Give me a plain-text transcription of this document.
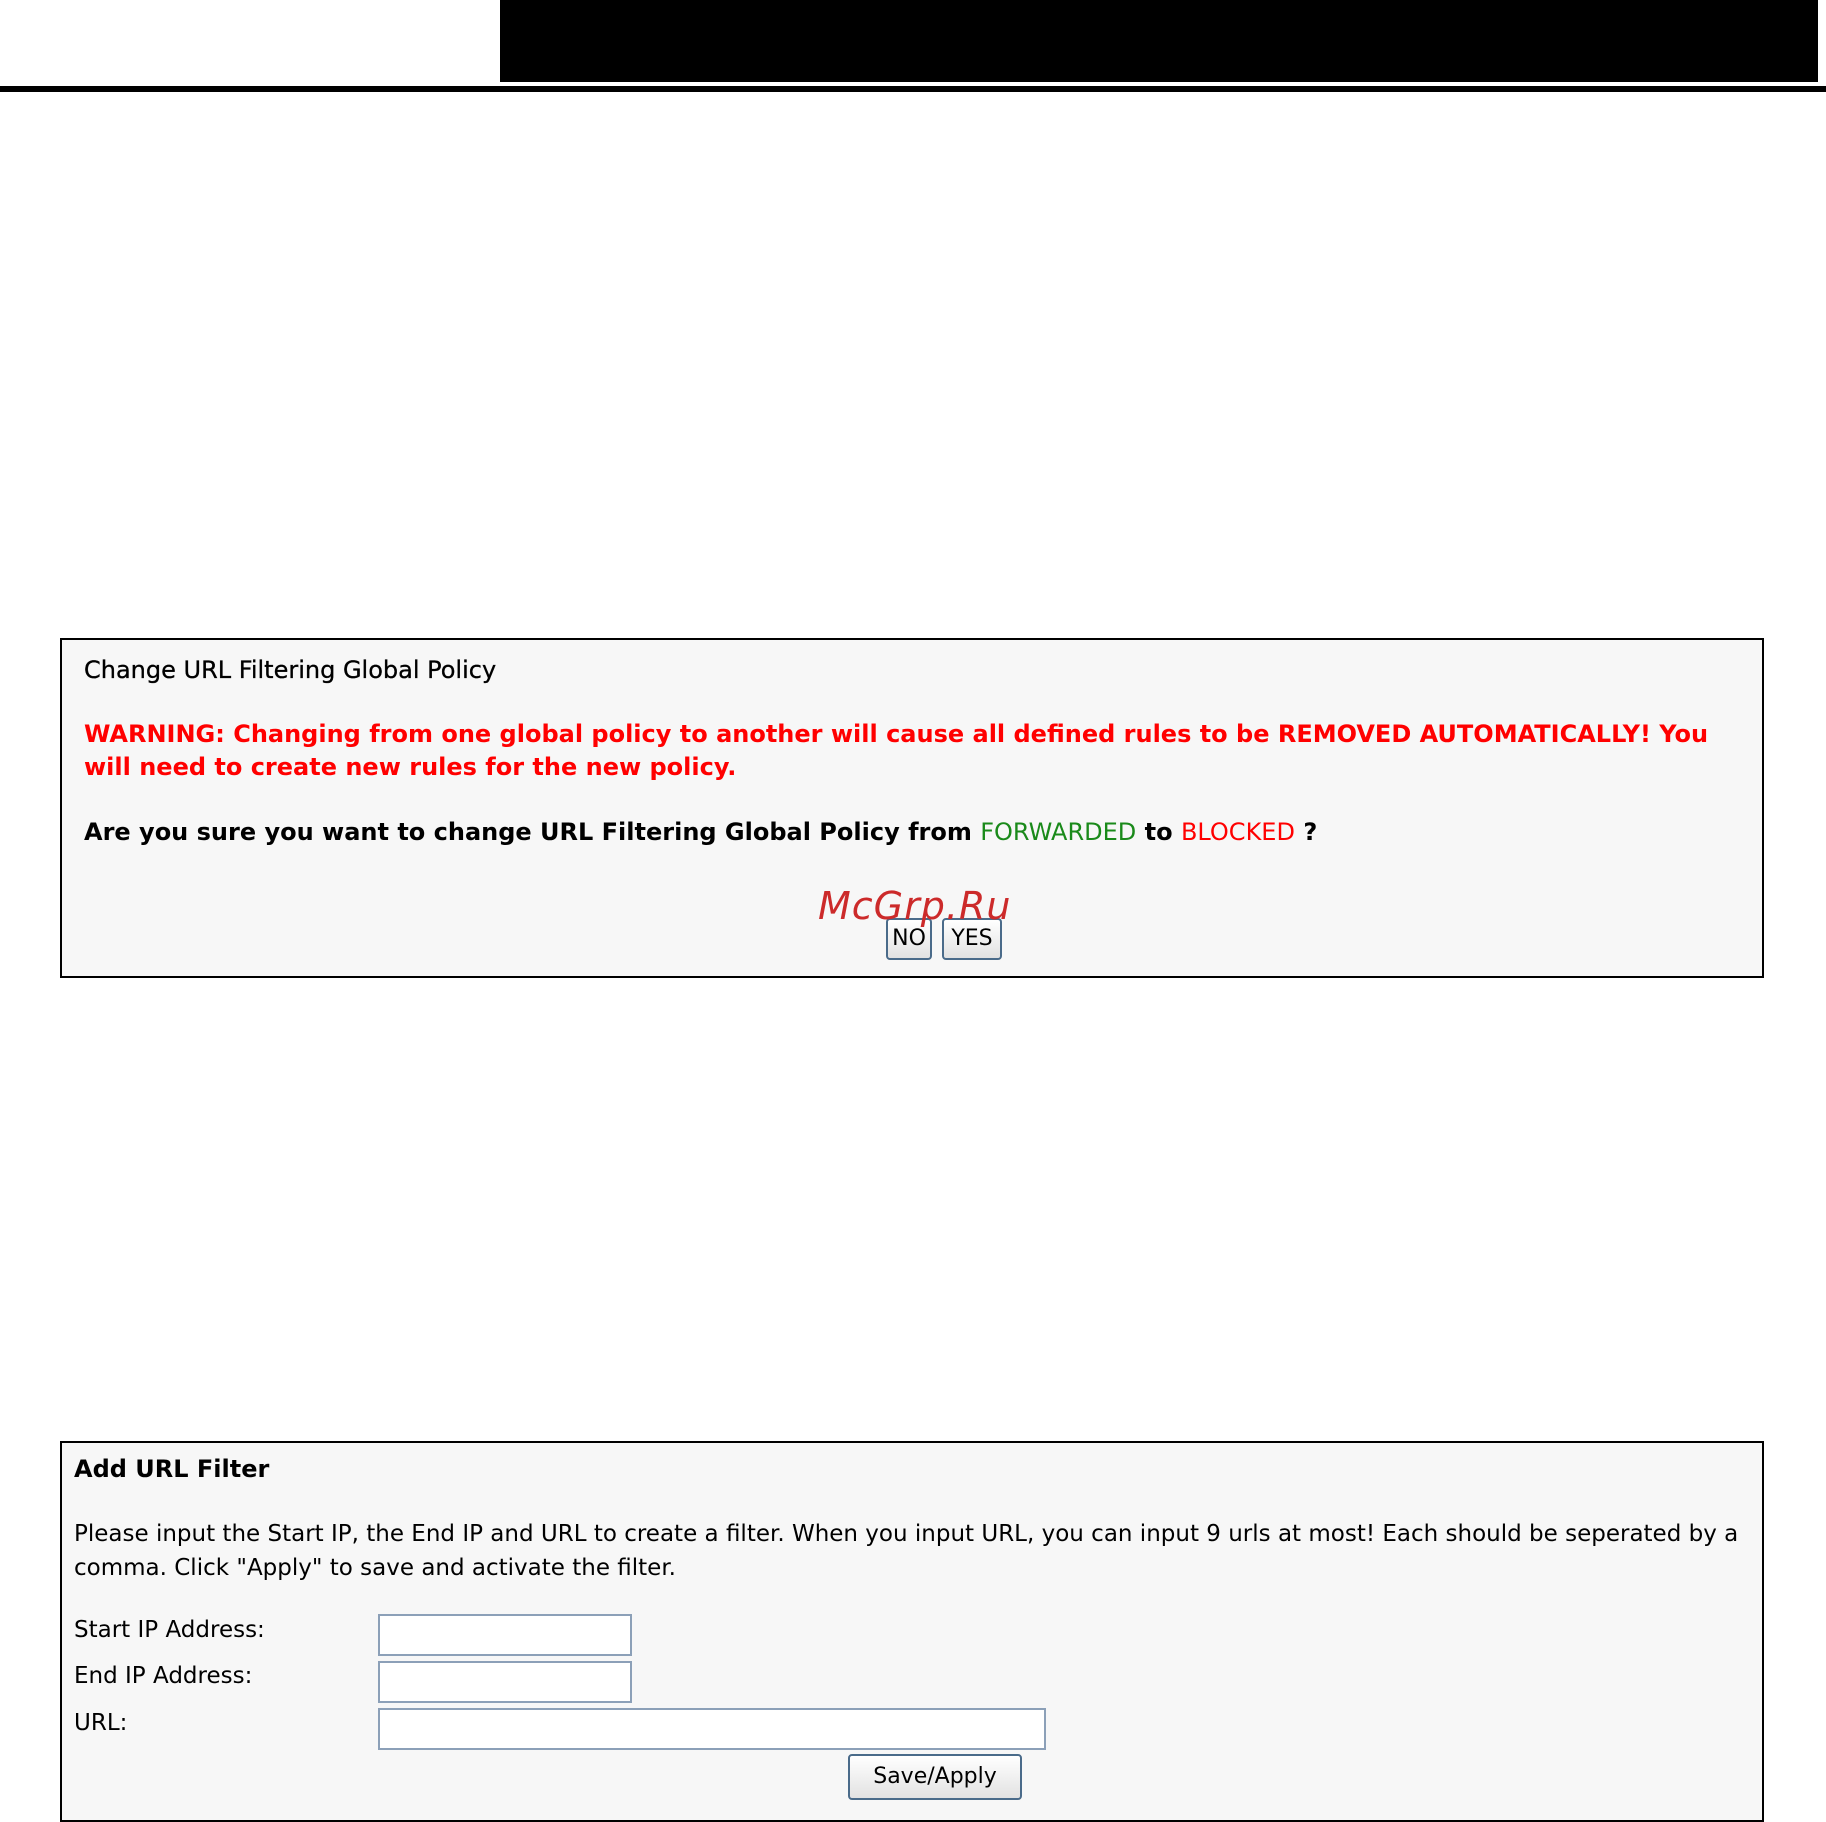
Change URL Filtering Global Policy
WARNING: Changing from one global policy to another will cause all defined rules to be REMOVED AUTOMATICALLY! You will need to create new rules for the new policy.
Are you sure you want to change URL Filtering Global Policy from FORWARDED to BLOCKED ?
NO	YES
McGrp.Ru
Add URL Filter
Please input the Start IP, the End IP and URL to create a filter. When you input URL, you can input 9 urls at most! Each should be seperated by a comma. Click "Apply" to save and activate the filter.
Start IP Address:
End IP Address:
URL:
Save/Apply
